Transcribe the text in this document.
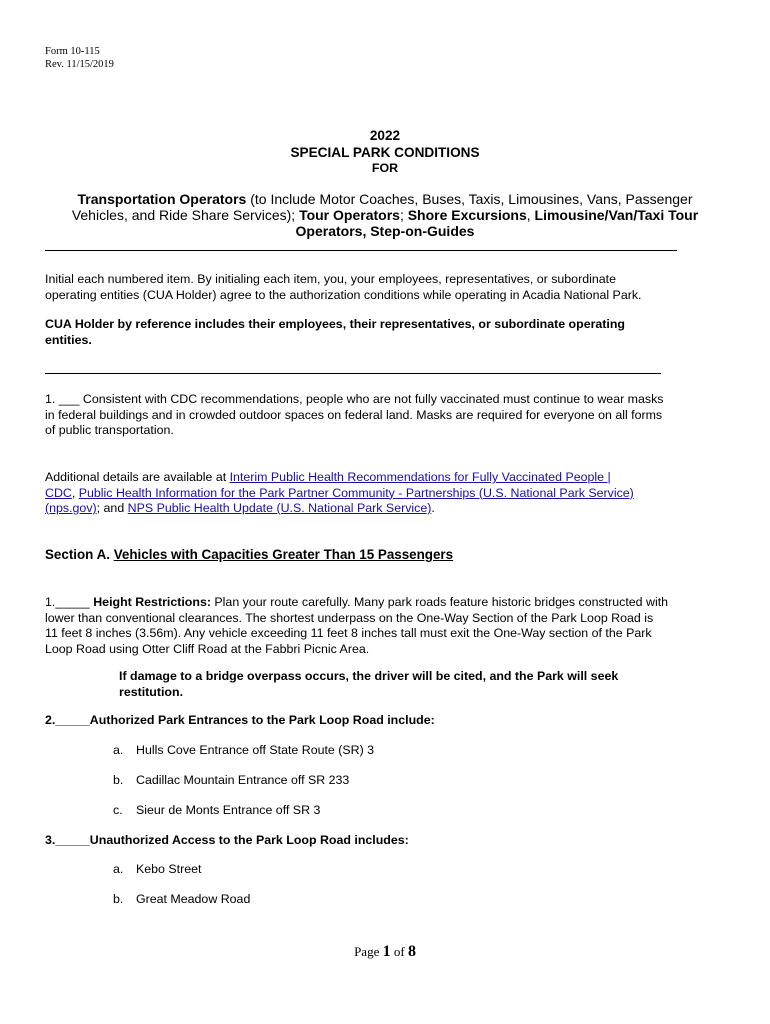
Form 10-115
Rev. 11/15/2019
2022
SPECIAL PARK CONDITIONS
FOR
Transportation Operators (to Include Motor Coaches, Buses, Taxis, Limousines, Vans, Passenger
Vehicles, and Ride Share Services); Tour Operators; Shore Excursions, Limousine/Van/Taxi Tour
Operators, Step-on-Guides
Initial each numbered item. By initialing each item, you, your employees, representatives, or subordinate
operating entities (CUA Holder) agree to the authorization conditions while operating in Acadia National Park.
CUA Holder by reference includes their employees, their representatives, or subordinate operating
entities.
1. ___ Consistent with CDC recommendations, people who are not fully vaccinated must continue to wear masks
in federal buildings and in crowded outdoor spaces on federal land. Masks are required for everyone on all forms
of public transportation.
Additional details are available at Interim Public Health Recommendations for Fully Vaccinated People |
CDC, Public Health Information for the Park Partner Community - Partnerships (U.S. National Park Service)
(nps.gov); and NPS Public Health Update (U.S. National Park Service).
Section A. Vehicles with Capacities Greater Than 15 Passengers
1._____ Height Restrictions: Plan your route carefully. Many park roads feature historic bridges constructed with
lower than conventional clearances. The shortest underpass on the One-Way Section of the Park Loop Road is
11 feet 8 inches (3.56m). Any vehicle exceeding 11 feet 8 inches tall must exit the One-Way section of the Park
Loop Road using Otter Cliff Road at the Fabbri Picnic Area.
If damage to a bridge overpass occurs, the driver will be cited, and the Park will seek
restitution.
2._____Authorized Park Entrances to the Park Loop Road include:
a. Hulls Cove Entrance off State Route (SR) 3
b. Cadillac Mountain Entrance off SR 233
c. Sieur de Monts Entrance off SR 3
3._____Unauthorized Access to the Park Loop Road includes:
a. Kebo Street
b. Great Meadow Road
Page 1 of 8
